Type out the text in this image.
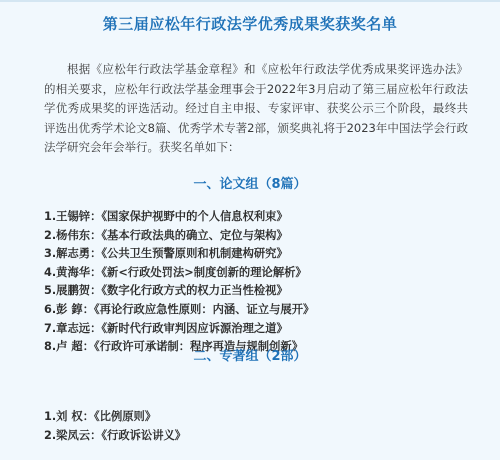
第三届应松年行政法学优秀成果奖获奖名单

根据《应松年行政法学基金章程》和《应松年行政法学优秀成果奖评选办法》的相关要求，应松年行政法学基金理事会于2022年3月启动了第三届应松年行政法学优秀成果奖的评选活动。经过自主申报、专家评审、获奖公示三个阶段，最终共评选出优秀学术论文8篇、优秀学术专著2部，颁奖典礼将于2023年中国法学会行政法学研究会年会举行。获奖名单如下：

一、论文组（8篇）
1.王锡锌：《国家保护视野中的个人信息权利束》
2.杨伟东：《基本行政法典的确立、定位与架构》
3.解志勇：《公共卫生预警原则和机制建构研究》
4.黄海华：《新<行政处罚法>制度创新的理论解析》
5.展鹏贺：《数字化行政方式的权力正当性检视》
6.彭 錞：《再论行政应急性原则：内涵、证立与展开》
7.章志远：《新时代行政审判因应诉源治理之道》
8.卢 超：《行政许可承诺制：程序再造与规制创新》
二、专著组（2部）
1.刘 权：《比例原则》
2.梁凤云：《行政诉讼讲义》
